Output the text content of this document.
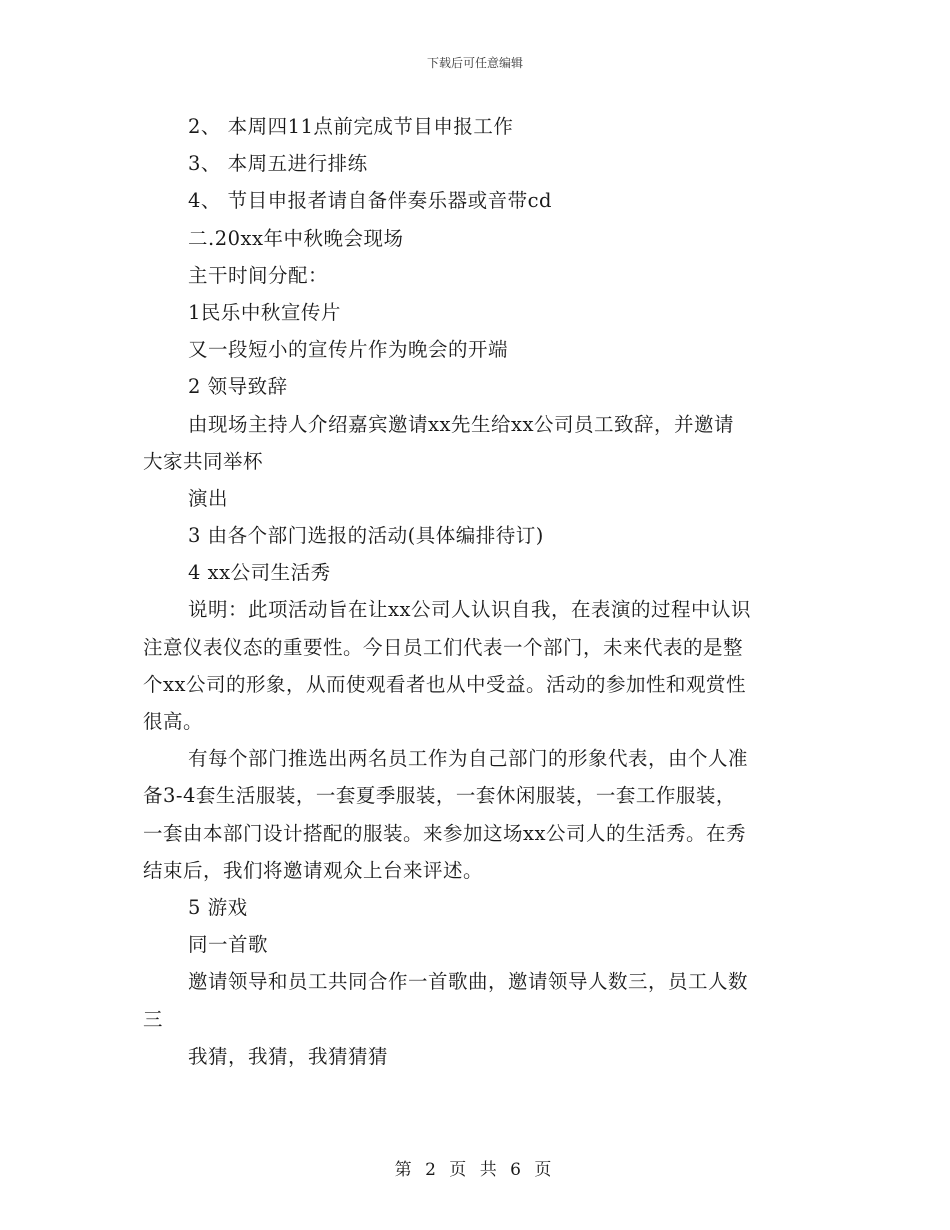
下载后可任意编辑
2、 本周四11点前完成节目申报工作
3、 本周五进行排练
4、 节目申报者请自备伴奏乐器或音带cd
二.20xx年中秋晚会现场
主干时间分配：
1民乐中秋宣传片
又一段短小的宣传片作为晚会的开端
2 领导致辞
由现场主持人介绍嘉宾邀请xx先生给xx公司员工致辞，并邀请
大家共同举杯
演出
3 由各个部门选报的活动(具体编排待订)
4 xx公司生活秀
说明：此项活动旨在让xx公司人认识自我，在表演的过程中认识
注意仪表仪态的重要性。今日员工们代表一个部门，未来代表的是整
个xx公司的形象，从而使观看者也从中受益。活动的参加性和观赏性
很高。
有每个部门推选出两名员工作为自己部门的形象代表，由个人准
备3-4套生活服装，一套夏季服装，一套休闲服装，一套工作服装，
一套由本部门设计搭配的服装。来参加这场xx公司人的生活秀。在秀
结束后，我们将邀请观众上台来评述。
5 游戏
同一首歌
邀请领导和员工共同合作一首歌曲，邀请领导人数三，员工人数
三
我猜，我猜，我猜猜猜
第 2 页 共 6 页
